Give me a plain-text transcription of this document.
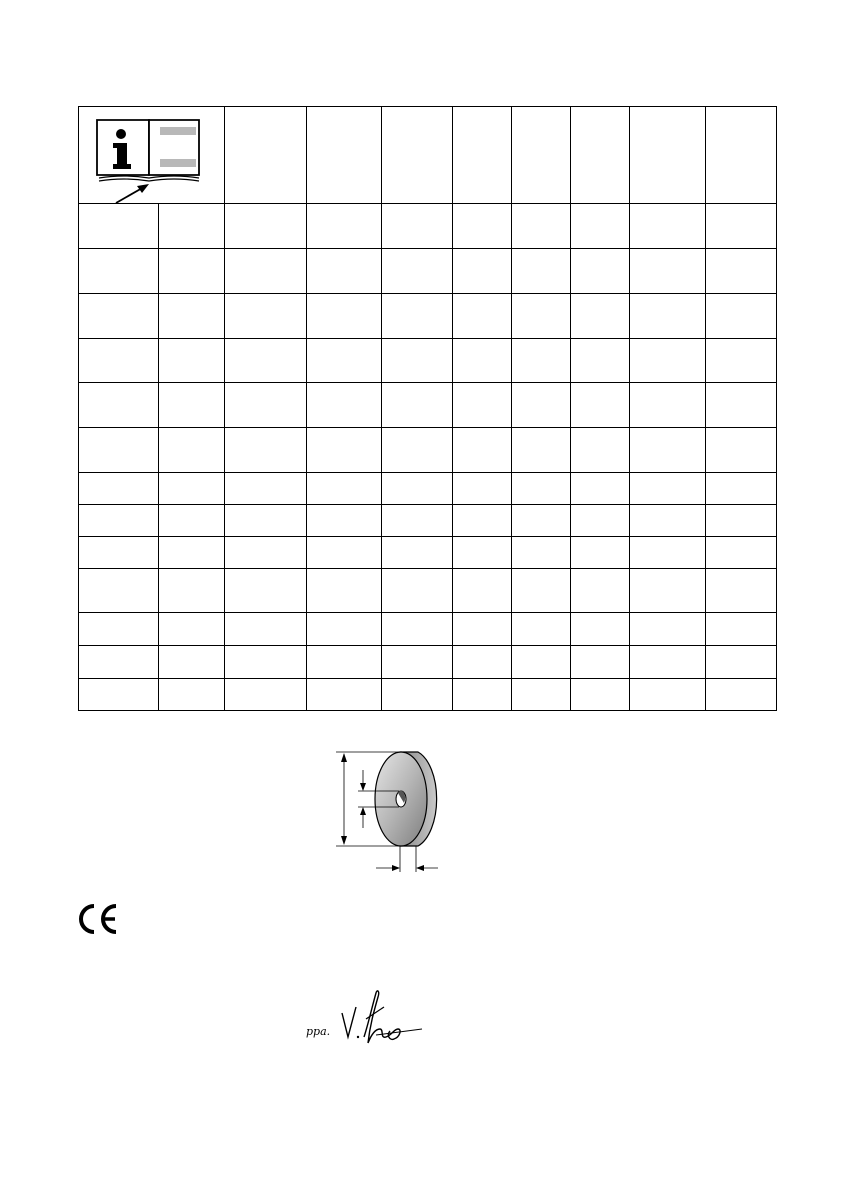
ppa.
